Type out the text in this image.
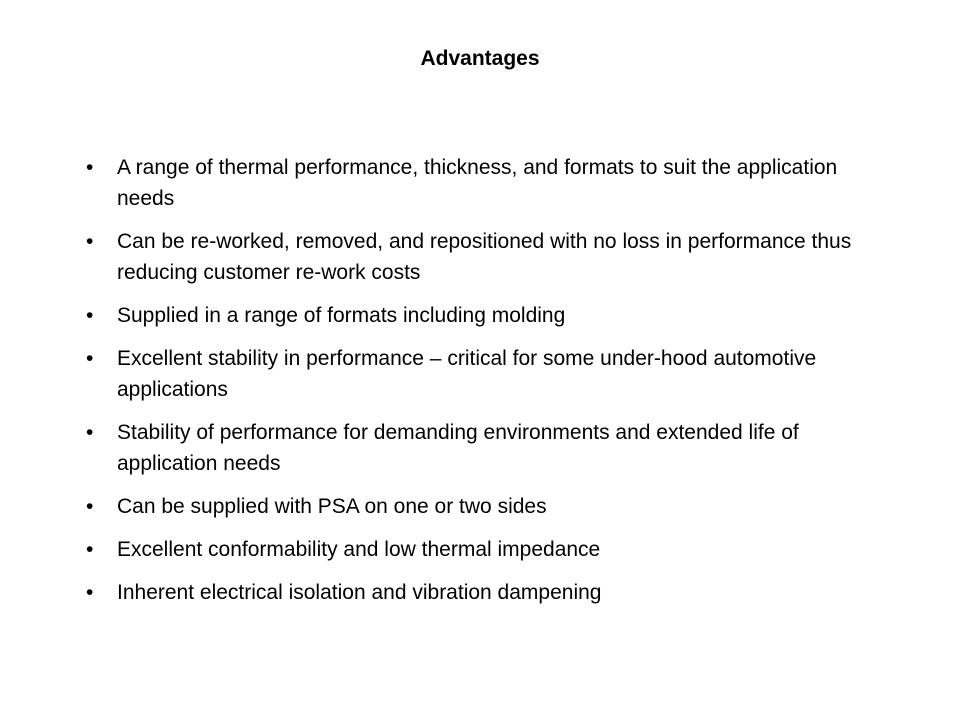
Advantages
•	A range of thermal performance, thickness, and formats to suit the application needs
•	Can be re-worked, removed, and repositioned with no loss in performance thus reducing customer re-work costs
•	Supplied in a range of formats including molding
•	Excellent stability in performance – critical for some under-hood automotive applications
•	Stability of performance for demanding environments and extended life of application needs
•	Can be supplied with PSA on one or two sides
•	Excellent conformability and low thermal impedance
•	Inherent electrical isolation and vibration dampening
